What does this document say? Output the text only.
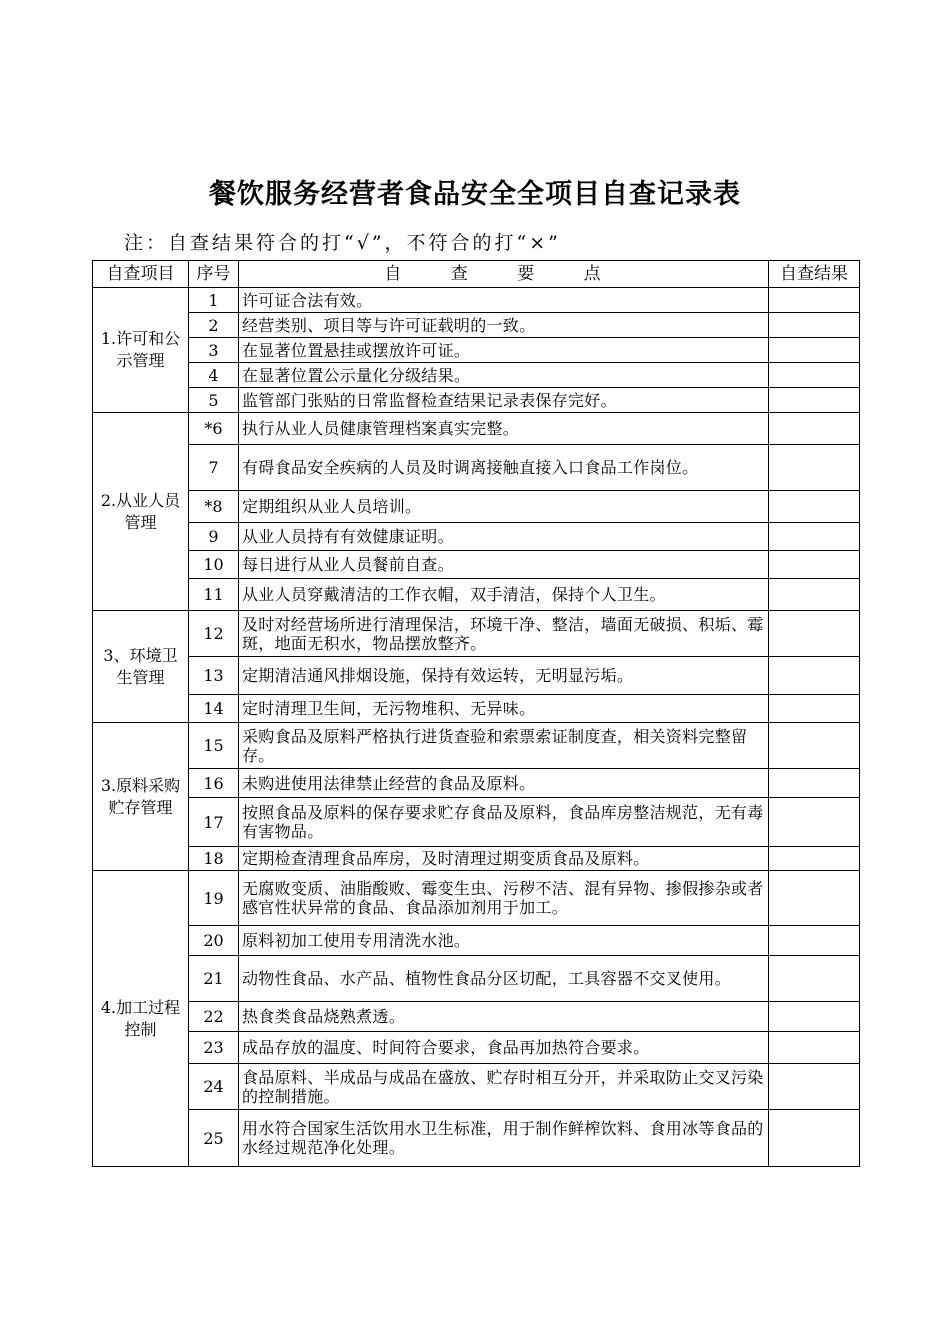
餐饮服务经营者食品安全全项目自查记录表
注：自查结果符合的打“√”，不符合的打“×”
自查项目	序号	自 查 要 点	自查结果
1.许可和公示管理	1	许可证合法有效。	
	2	经营类别、项目等与许可证载明的一致。	
	3	在显著位置悬挂或摆放许可证。	
	4	在显著位置公示量化分级结果。	
	5	监管部门张贴的日常监督检查结果记录表保存完好。	
2.从业人员管理	*6	执行从业人员健康管理档案真实完整。	
	7	有碍食品安全疾病的人员及时调离接触直接入口食品工作岗位。	
	*8	定期组织从业人员培训。	
	9	从业人员持有有效健康证明。	
	10	每日进行从业人员餐前自查。	
	11	从业人员穿戴清洁的工作衣帽，双手清洁，保持个人卫生。	
3、环境卫生管理	12	及时对经营场所进行清理保洁，环境干净、整洁，墙面无破损、积垢、霉斑，地面无积水，物品摆放整齐。	
	13	定期清洁通风排烟设施，保持有效运转，无明显污垢。	
	14	定时清理卫生间，无污物堆积、无异味。	
3.原料采购贮存管理	15	采购食品及原料严格执行进货查验和索票索证制度查，相关资料完整留存。	
	16	未购进使用法律禁止经营的食品及原料。	
	17	按照食品及原料的保存要求贮存食品及原料，食品库房整洁规范，无有毒有害物品。	
	18	定期检查清理食品库房，及时清理过期变质食品及原料。	
4.加工过程控制	19	无腐败变质、油脂酸败、霉变生虫、污秽不洁、混有异物、掺假掺杂或者感官性状异常的食品、食品添加剂用于加工。	
	20	原料初加工使用专用清洗水池。	
	21	动物性食品、水产品、植物性食品分区切配，工具容器不交叉使用。	
	22	热食类食品烧熟煮透。	
	23	成品存放的温度、时间符合要求，食品再加热符合要求。	
	24	食品原料、半成品与成品在盛放、贮存时相互分开，并采取防止交叉污染的控制措施。	
	25	用水符合国家生活饮用水卫生标准，用于制作鲜榨饮料、食用冰等食品的水经过规范净化处理。	
